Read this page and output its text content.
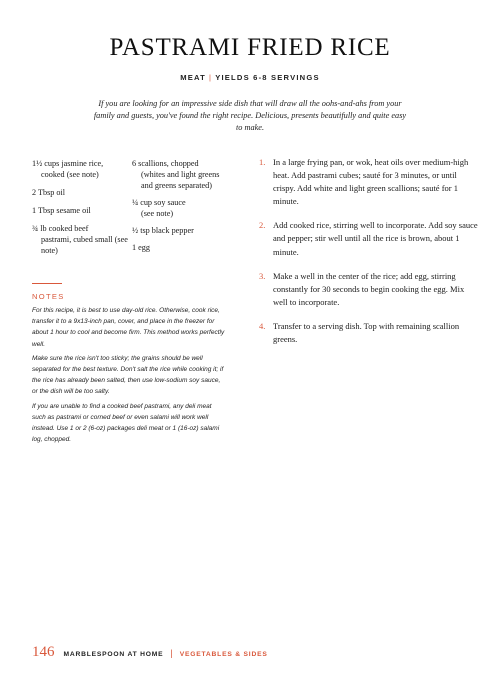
PASTRAMI FRIED RICE
MEAT | YIELDS 6-8 SERVINGS
If you are looking for an impressive side dish that will draw all the oohs-and-ahs from your family and guests, you've found the right recipe. Delicious, presents beautifully and quite easy to make.
1½ cups jasmine rice,
cooked (see note)
2 Tbsp oil
1 Tbsp sesame oil
¾ lb cooked beef
pastrami, cubed small (see note)
6 scallions, chopped
(whites and light greens and greens separated)
¼ cup soy sauce
(see note)
½ tsp black pepper
1 egg
NOTES

For this recipe, it is best to use day-old rice. Otherwise, cook rice, transfer it to a 9x13-inch pan, cover, and place in the freezer for about 1 hour to cool and become firm. This method works perfectly well.

Make sure the rice isn't too sticky; the grains should be well separated for the best texture. Don't salt the rice while cooking it; if the rice has already been salted, then use low-sodium soy sauce, or the dish will be too salty.

If you are unable to find a cooked beef pastrami, any deli meat such as pastrami or corned beef or even salami will work well instead. Use 1 or 2 (6-oz) packages deli meat or 1 (16-oz) salami log, chopped.

1. In a large frying pan, or wok, heat oils over medium-high heat. Add pastrami cubes; sauté for 3 minutes, or until crispy. Add white and light green scallions; sauté for 1 minute.
2. Add cooked rice, stirring well to incorporate. Add soy sauce and pepper; stir well until all the rice is brown, about 1 minute.
3. Make a well in the center of the rice; add egg, stirring constantly for 30 seconds to begin cooking the egg. Mix well to incorporate.
4. Transfer to a serving dish. Top with remaining scallion greens.
146 MARBLESPOON AT HOME | VEGETABLES & SIDES
